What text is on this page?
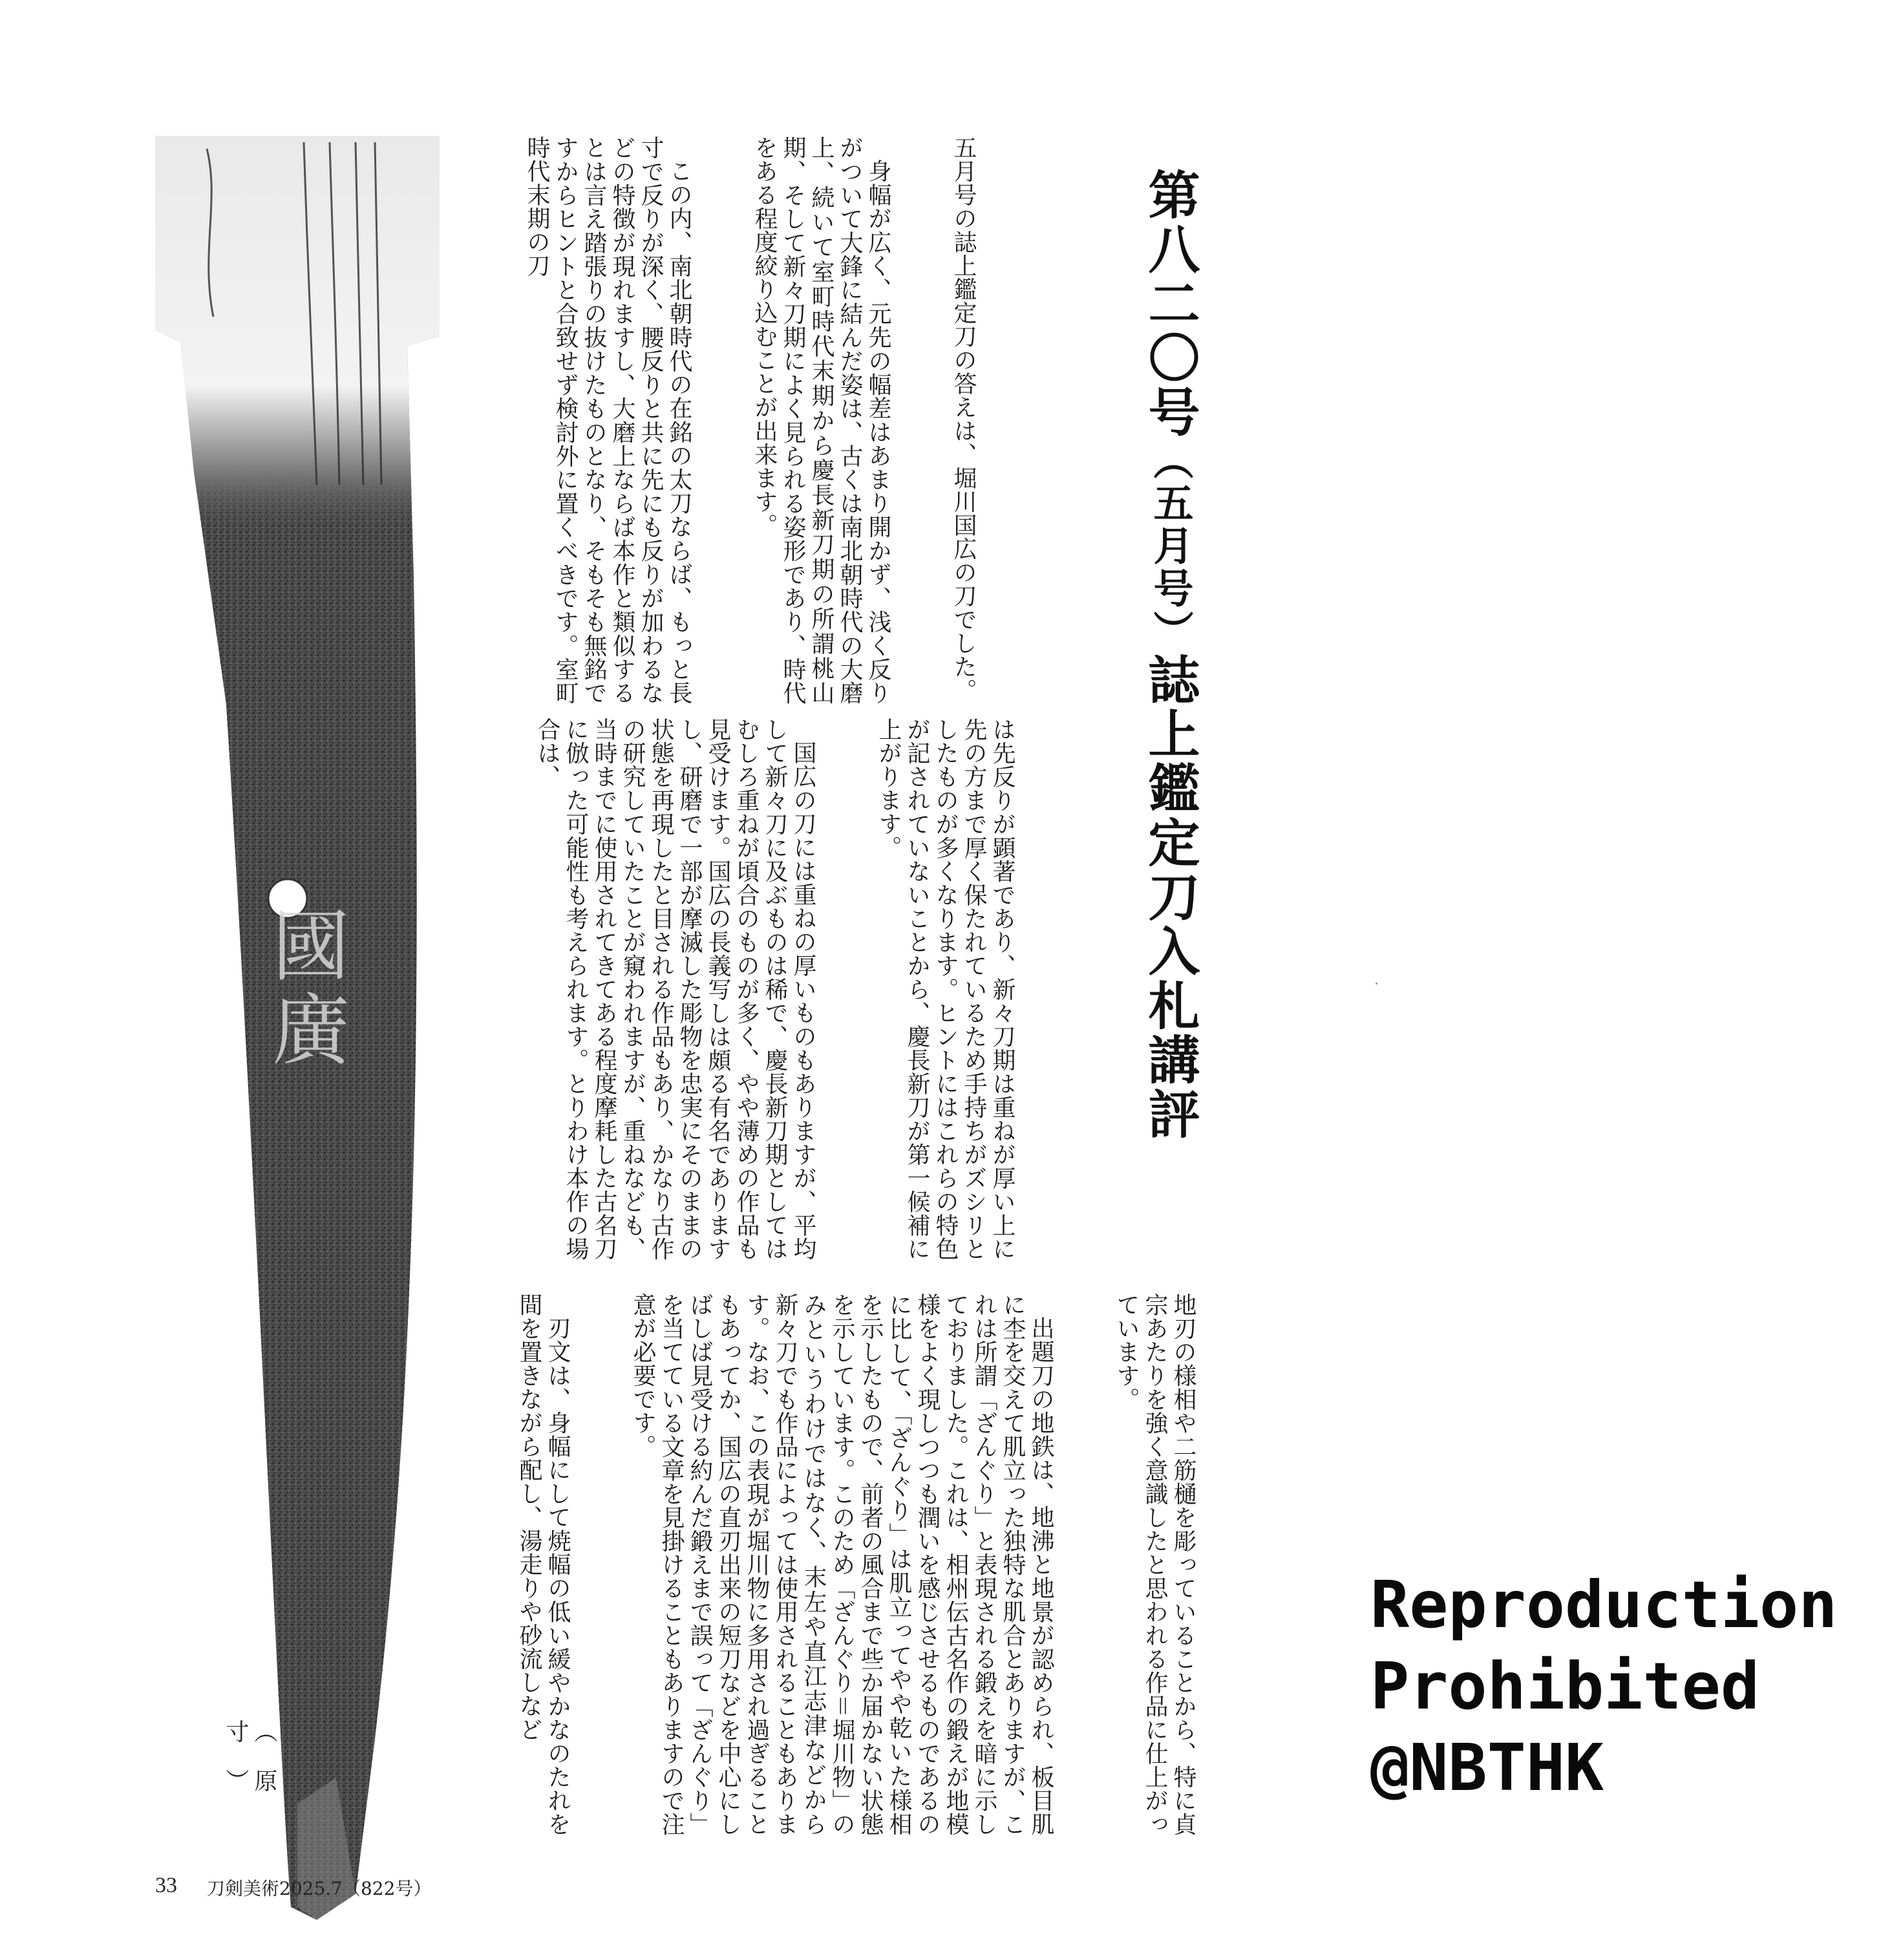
國廣
（原　寸）
第八二〇号（五月号）誌上鑑定刀入札講評

五月号の誌上鑑定刀の答えは、堀川国広の刀でした。

身幅が広く、元先の幅差はあまり開かず、浅く反りがついて大鋒に結んだ姿は、古くは南北朝時代の大磨上、続いて室町時代末期から慶長新刀期の所謂桃山期、そして新々刀期によく見られる姿形であり、時代をある程度絞り込むことが出来ます。

この内、南北朝時代の在銘の太刀ならば、もっと長寸で反りが深く、腰反りと共に先にも反りが加わるなどの特徴が現れますし、大磨上ならば本作と類似するとは言え踏張りの抜けたものとなり、そもそも無銘ですからヒントと合致せず検討外に置くべきです。室町時代末期の刀

は先反りが顕著であり、新々刀期は重ねが厚い上に先の方まで厚く保たれているため手持ちがズシリとしたものが多くなります。ヒントにはこれらの特色が記されていないことから、慶長新刀が第一候補に上がります。

国広の刀には重ねの厚いものもありますが、平均して新々刀に及ぶものは稀で、慶長新刀期としてはむしろ重ねが頃合のものが多く、やや薄めの作品も見受けます。国広の長義写しは頗る有名でありますし、研磨で一部が摩滅した彫物を忠実にそのままの状態を再現したと目される作品もあり、かなり古作の研究していたことが窺われますが、重ねなども、当時までに使用されてきてある程度摩耗した古名刀に倣った可能性も考えられます。とりわけ本作の場合は、

地刃の様相や二筋樋を彫っていることから、特に貞宗あたりを強く意識したと思われる作品に仕上がっています。

出題刀の地鉄は、地沸と地景が認められ、板目肌に杢を交えて肌立った独特な肌合とありますが、これは所謂「ざんぐり」と表現される鍛えを暗に示しておりました。これは、相州伝古名作の鍛えが地模様をよく現しつつも潤いを感じさせるものであるのに比して、「ざんぐり」は肌立ってやや乾いた様相を示したもので、前者の風合まで些か届かない状態を示しています。このため「ざんぐり＝堀川物」のみというわけではなく、末左や直江志津などから新々刀でも作品によっては使用されることもあります。なお、この表現が堀川物に多用され過ぎることもあってか、国広の直刃出来の短刀などを中心にしばしば見受ける約んだ鍛えまで誤って「ざんぐり」を当てている文章を見掛けることもありますので注意が必要です。

刃文は、身幅にして焼幅の低い緩やかなのたれを間を置きながら配し、湯走りや砂流しなど

33 刀剣美術2025.7（822号）
Reproduction
Prohibited
@NBTHK
